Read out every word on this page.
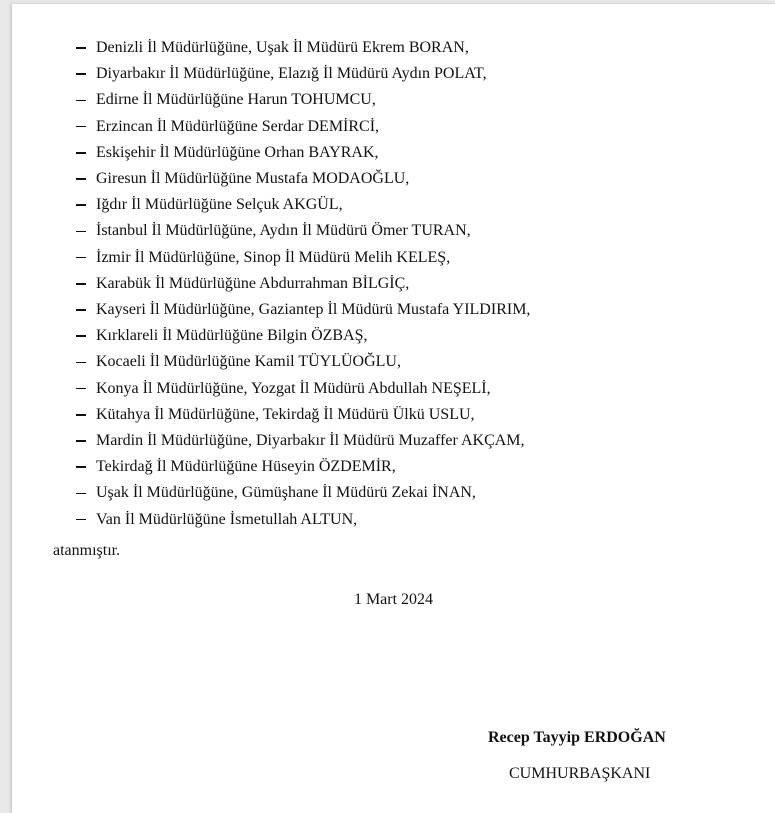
Denizli İl Müdürlüğüne, Uşak İl Müdürü Ekrem BORAN,
Diyarbakır İl Müdürlüğüne, Elazığ İl Müdürü Aydın POLAT,
Edirne İl Müdürlüğüne Harun TOHUMCU,
Erzincan İl Müdürlüğüne Serdar DEMİRCİ,
Eskişehir İl Müdürlüğüne Orhan BAYRAK,
Giresun İl Müdürlüğüne Mustafa MODAOĞLU,
Iğdır İl Müdürlüğüne Selçuk AKGÜL,
İstanbul İl Müdürlüğüne, Aydın İl Müdürü Ömer TURAN,
İzmir İl Müdürlüğüne, Sinop İl Müdürü Melih KELEŞ,
Karabük İl Müdürlüğüne Abdurrahman BİLGİÇ,
Kayseri İl Müdürlüğüne, Gaziantep İl Müdürü Mustafa YILDIRIM,
Kırklareli İl Müdürlüğüne Bilgin ÖZBAŞ,
Kocaeli İl Müdürlüğüne Kamil TÜYLÜOĞLU,
Konya İl Müdürlüğüne, Yozgat İl Müdürü Abdullah NEŞELİ,
Kütahya İl Müdürlüğüne, Tekirdağ İl Müdürü Ülkü USLU,
Mardin İl Müdürlüğüne, Diyarbakır İl Müdürü Muzaffer AKÇAM,
Tekirdağ İl Müdürlüğüne Hüseyin ÖZDEMİR,
Uşak İl Müdürlüğüne, Gümüşhane İl Müdürü Zekai İNAN,
Van İl Müdürlüğüne İsmetullah ALTUN,
atanmıştır.
1 Mart 2024
Recep Tayyip ERDOĞAN
CUMHURBAŞKANI
